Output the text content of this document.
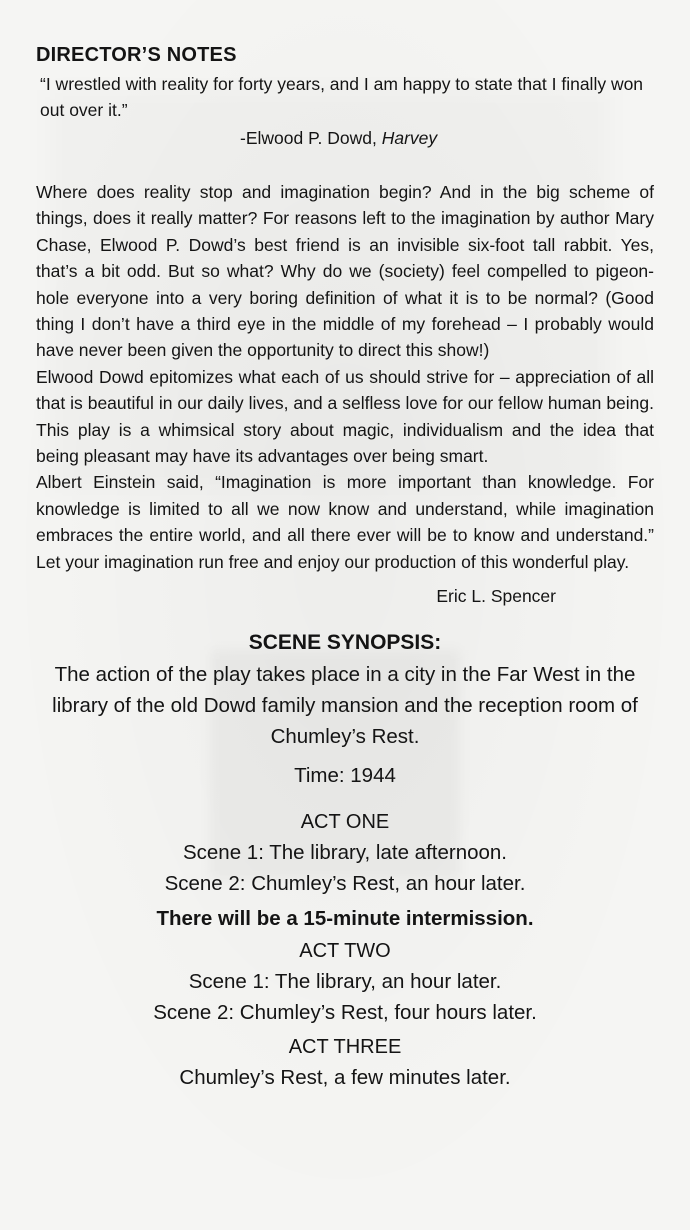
DIRECTOR’S NOTES

“I wrestled with reality for forty years, and I am happy to state that I finally won out over it.”

-Elwood P. Dowd, Harvey

Where does reality stop and imagination begin? And in the big scheme of things, does it really matter? For reasons left to the imagination by author Mary Chase, Elwood P. Dowd’s best friend is an invisible six-foot tall rabbit. Yes, that’s a bit odd. But so what? Why do we (society) feel compelled to pigeon-hole everyone into a very boring definition of what it is to be normal? (Good thing I don’t have a third eye in the middle of my forehead – I probably would have never been given the opportunity to direct this show!)

Elwood Dowd epitomizes what each of us should strive for – appreciation of all that is beautiful in our daily lives, and a selfless love for our fellow human being. This play is a whimsical story about magic, individualism and the idea that being pleasant may have its advantages over being smart.

Albert Einstein said, “Imagination is more important than knowledge. For knowledge is limited to all we now know and understand, while imagination embraces the entire world, and all there ever will be to know and understand.” Let your imagination run free and enjoy our production of this wonderful play.

Eric L. Spencer

SCENE SYNOPSIS:

The action of the play takes place in a city in the Far West in the library of the old Dowd family mansion and the reception room of Chumley’s Rest.

Time: 1944

ACT ONE

Scene 1: The library, late afternoon.

Scene 2: Chumley’s Rest, an hour later.

There will be a 15-minute intermission.

ACT TWO

Scene 1: The library, an hour later.

Scene 2: Chumley’s Rest, four hours later.

ACT THREE

Chumley’s Rest, a few minutes later.
